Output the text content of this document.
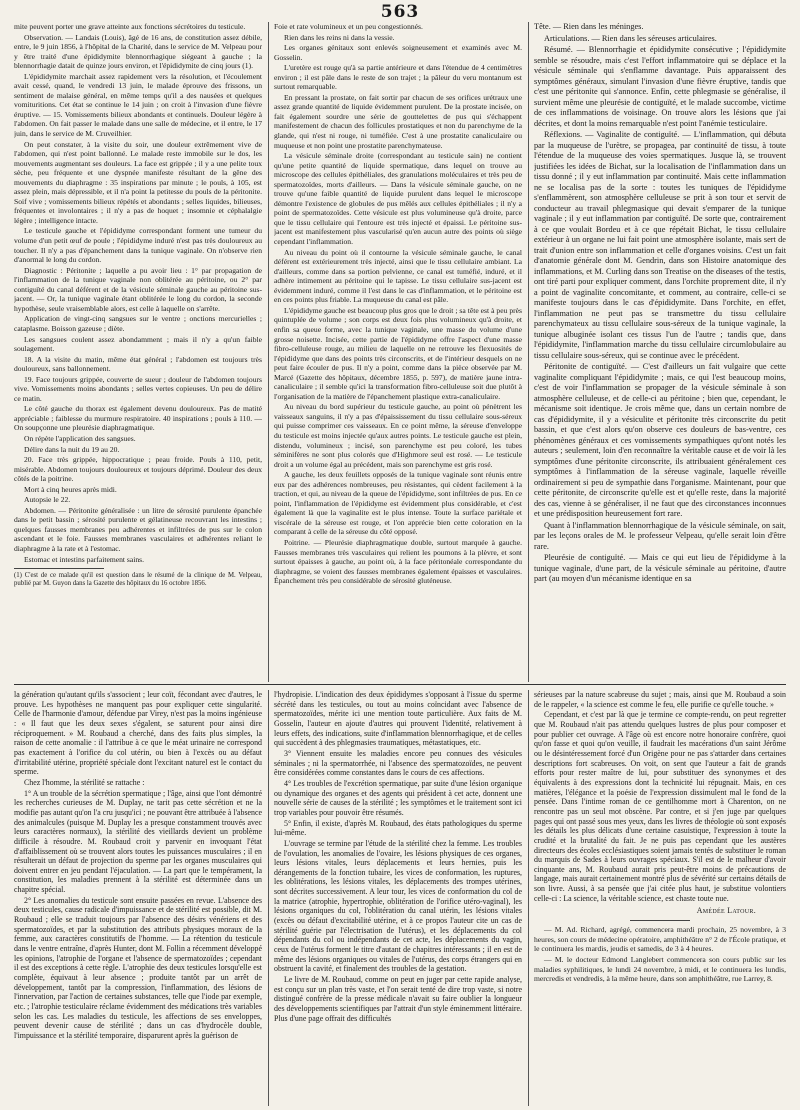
563

mite peuvent porter une grave atteinte aux fonctions sécrétoires du testicule.

Observation. — Landais (Louis), âgé de 16 ans, de constitution assez débile, entre, le 9 juin 1856, à l'hôpital de la Charité, dans le service de M. Velpeau pour y être traité d'une épididymite blennorrhagique siégeant à gauche ; la blennorrhagie datait de quinze jours environ, et l'épididymite de cinq jours (1).

L'épididymite marchait assez rapidement vers la résolution, et l'écoulement avait cessé, quand, le vendredi 13 juin, le malade éprouve des frissons, un sentiment de malaise général, en même temps qu'il a des nausées et quelques vomituritions. Cet état se continue le 14 juin ; on croit à l'invasion d'une fièvre éruptive. — 15. Vomissements bilieux abondants et continuels. Douleur légère à l'abdomen. On fait passer le malade dans une salle de médecine, et il entre, le 17 juin, dans le service de M. Cruveilhier.

On peut constater, à la visite du soir, une douleur extrêmement vive de l'abdomen, qui n'est point ballonné. Le malade reste immobile sur le dos, les mouvements augmentant ses douleurs. La face est grippée ; il y a une pelite toux sèche, peu fréquente et une dyspnée manifeste résultant de la gêne des mouvements du diaphragme : 35 inspirations par minute ; le pouls, à 105, est assez plein, mais dépressible, et il n'a point la petitesse du pouls de la péritonite. Soif vive ; vomissements bilieux répétés et abondants ; selles liquides, bilieuses, fréquentes et involontaires ; il n'y a pas de hoquet ; insomnie et céphalalgie légère ; intelligence intacte.

Le testicule gauche et l'épididyme correspondant forment une tumeur du volume d'un petit œuf de poule ; l'épididyme induré n'est pas très douloureux au toucher. Il n'y a pas d'épanchement dans la tunique vaginale. On n'observe rien d'anormal le long du cordon.

Diagnostic : Péritonite ; laquelle a pu avoir lieu : 1° par propagation de l'inflammation de la tunique vaginale non oblitérée au péritoine, ou 2° par contiguïté du canal déférent et de la vésicule séminale gauche au péritoine sus-jacent. — Or, la tunique vaginale étant oblitérée le long du cordon, la seconde hypothèse, seule vraisemblable alors, est celle à laquelle on s'arrête.

Application de vingt-cinq sangsues sur le ventre ; onctions mercurielles ; cataplasme. Boisson gazeuse ; diète.

Les sangsues coulent assez abondamment ; mais il n'y a qu'un faible soulagement.

18. A la visite du matin, même état général ; l'abdomen est toujours très douloureux, sans ballonnement.

19. Face toujours grippée, couverte de sueur ; douleur de l'abdomen toujours vive. Vomissements moins abondants ; selles vertes copieuses. Un peu de délire ce matin.

Le côté gauche du thorax est également devenu douloureux. Pas de matité appréciable ; faiblesse du murmure respiratoire. 40 inspirations ; pouls à 110. — On soupçonne une pleurésie diaphragmatique.

On répète l'application des sangsues.

Délire dans la nuit du 19 au 20.

20. Face très grippée, hippocratique ; peau froide. Pouls à 110, petit, misérable. Abdomen toujours douloureux et toujours déprimé. Douleur des deux côtés de la poitrine.

Mort à cinq heures après midi.

Autopsie le 22.

Abdomen. — Péritonite généralisée : un litre de sérosité purulente épanchée dans le petit bassin ; sérosité purulente et gélatineuse recouvrant les intestins ; quelques fausses membranes peu adhérentes et infiltrées de pus sur le colon ascendant et le foie. Fausses membranes vasculaires et adhérentes reliant le diaphragme à la rate et à l'estomac.

Estomac et intestins parfaitement sains.

(1) C'est de ce malade qu'il est question dans le résumé de la clinique de M. Velpeau, publié par M. Guyon dans la Gazette des hôpitaux du 16 octobre 1856.

Foie et rate volumineux et un peu congestionnés.

Rien dans les reins ni dans la vessie.

Les organes génitaux sont enlevés soigneusement et examinés avec M. Gosselin.

L'uretère est rouge qu'à sa partie antérieure et dans l'étendue de 4 centimètres environ ; il est pâle dans le reste de son trajet ; la pâleur du veru montanum est surtout remarquable.

En pressant la prostate, on fait sortir par chacun de ses orifices urétraux une assez grande quantité de liquide évidemment purulent. De la prostate incisée, on fait également sourdre une série de gouttelettes de pus qui s'échappent manifestement de chacun des follicules prostatiques et non du parenchyme de la glande, qui n'est ni rouge, ni tuméfiée. C'est à une prostatite canaliculaire ou muqueuse et non point une prostatite parenchymateuse.

La vésicule séminale droite (correspondant au testicule sain) ne contient qu'une petite quantité de liquide spermatique, dans lequel on trouve au microscope des cellules épithéliales, des granulations moléculaires et très peu de spermatozoïdes, morts d'ailleurs. — Dans la vésicule séminale gauche, on ne trouve qu'une faible quantité de liquide purulent dans lequel le microscope démontre l'existence de globules de pus mêlés aux cellules épithéliales ; il n'y a point de spermatozoïdes. Cette vésicule est plus volumineuse qu'à droite, parce que le tissu cellulaire qui l'entoure est très injecté et épaissi. Le péritoine sus-jacent est manifestement plus vascularisé qu'en aucun autre des points où siège cependant l'inflammation.

Au niveau du point où il contourne la vésicule séminale gauche, le canal déférent est extérieurement très injecté, ainsi que le tissu cellulaire ambiant. La d'ailleurs, comme dans sa portion pelvienne, ce canal est tuméfié, induré, et il adhère intimement au péritoine qui le tapisse. Le tissu cellulaire sus-jacent est évidemment induré, comme il l'est dans le cas d'inflammation, et le péritoine est en ces points plus friable. La muqueuse du canal est pâle.

L'épididyme gauche est beaucoup plus gros que le droit ; sa tête est à peu près quintuplée de volume ; son corps est deux fois plus volumineux qu'à droite, et enfin sa queue forme, avec la tunique vaginale, une masse du volume d'une grosse noisette. Incisée, cette partie de l'épididyme offre l'aspect d'une masse fibro-celluleuse rouge, au milieu de laquelle on ne retrouve les flexuosités de l'épididyme que dans des points très circonscrits, et de l'intérieur desquels on ne peut faire écouler de pus. Il n'y a point, comme dans la pièce observée par M. Marcé (Gazette des hôpitaux, décembre 1855, p. 597), de matière jaune intra-canaliculaire ; il semble qu'ici la transformation fibro-celluleuse soit due plutôt à l'organisation de la matière de l'épanchement plastique extra-canaliculaire.

Au niveau du bord supérieur du testicule gauche, au point où pénètrent les vaisseaux sanguins, il n'y a pas d'épaississement du tissu cellulaire sous-séreux qui puisse comprimer ces vaisseaux. En ce point même, la séreuse d'enveloppe du testicule est moins injectée qu'aux autres points. Le testicule gauche est plein, distendu, volumineux ; incisé, son parenchyme est peu coloré, les tubes séminifères ne sont plus colorés que d'Highmore seul est rosé. — Le testicule droit a un volume égal au précédent, mais son parenchyme est gris rosé.

A gauche, les deux feuillets opposés de la tunique vaginale sont réunis entre eux par des adhérences nombreuses, peu résistantes, qui cèdent facilement à la traction, et qui, au niveau de la queue de l'épididyme, sont infiltrées de pus. En ce point, l'inflammation de l'épididyme est évidemment plus considérable, et c'est également là que la vaginalite est le plus intense. Toute la surface pariétale et viscérale de la séreuse est rouge, et l'on apprécie bien cette coloration en la comparant à celle de la séreuse du côté opposé.

Poitrine. — Pleurésie diaphragmatique double, surtout marquée à gauche. Fausses membranes très vasculaires qui relient les poumons à la plèvre, et sont surtout épaisses à gauche, au point où, à la face péritonéale correspondante du diaphragme, se voient des fausses membranes également épaisses et vasculaires. Épanchement très peu considérable de sérosité gluténeuse.

Tête. — Rien dans les méninges.

Articulations. — Rien dans les séreuses articulaires.

Résumé. — Blennorrhagie et épididymite consécutive ; l'épididymite semble se résoudre, mais c'est l'effort inflammatoire qui se déplace et la vésicule séminale qui s'enflamme davantage. Puis apparaissent des symptômes généraux, simulant l'invasion d'une fièvre éruptive, tandis que c'est une péritonite qui s'annonce. Enfin, cette phlegmasie se généralise, il survient même une pleurésie de contiguïté, et le malade succombe, victime de ces inflammations de voisinage. On trouve alors les lésions que j'ai décrites, et dont la moins remarquable n'est point l'anémie testiculaire.

Réflexions. — Vaginalite de contiguïté. — L'inflammation, qui débuta par la muqueuse de l'urètre, se propagea, par continuité de tissu, à toute l'étendue de la muqueuse des voies spermatiques. Jusque là, se trouvent justifiées les idées de Bichat, sur la localisation de l'inflammation dans un tissu donné ; il y eut inflammation par continuité. Mais cette inflammation ne se localisa pas de la sorte : toutes les tuniques de l'épididyme s'enflammèrent, son atmosphère celluleuse se prit à son tour et servit de conducteur au travail phlegmasique qui devait s'emparer de la tunique vaginale ; il y eut inflammation par contiguïté. De sorte que, contrairement à ce que voulait Bordeu et à ce que répétait Bichat, le tissu cellulaire extérieur à un organe ne lui fait point une atmosphère isolante, mais sert de trait d'union entre son inflammation et celle d'organes voisins. C'est un fait d'anatomie générale dont M. Gendrin, dans son Histoire anatomique des inflammations, et M. Curling dans son Treatise on the diseases of the testis, ont tiré parti pour expliquer comment, dans l'orchite proprement dite, il n'y a point de vaginalite concomitante, et comment, au contraire, celle-ci se manifeste toujours dans le cas d'épididymite. Dans l'orchite, en effet, l'inflammation ne peut pas se transmettre du tissu cellulaire parenchymateux au tissu cellulaire sous-séreux de la tunique vaginale, la tunique albuginée isolant ces tissus l'un de l'autre ; tandis que, dans l'épididymite, l'inflammation marche du tissu cellulaire circumlobulaire au tissu cellulaire sous-séreux, qui se continue avec le précédent.

Péritonite de contiguïté. — C'est d'ailleurs un fait vulgaire que cette vaginalite compliquant l'épididymite ; mais, ce qui l'est beaucoup moins, c'est de voir l'inflammation se propager de la vésicule séminale à son atmosphère celluleuse, et de celle-ci au péritoine ; bien que, cependant, le mécanisme soit identique. Je crois même que, dans un certain nombre de cas d'épididymite, il y a vésiculite et péritonite très circonscrite du petit bassin, et que c'est alors qu'on observe ces douleurs de bas-ventre, ces phénomènes généraux et ces vomissements sympathiques qu'ont notés les auteurs ; seulement, loin d'en reconnaître la véritable cause et de voir là les symptômes d'une péritonite circonscrite, ils attribuaient généralement ces symptômes à l'inflammation de la séreuse vaginale, laquelle réveille ordinairement si peu de sympathie dans l'organisme. Maintenant, pour que cette péritonite, de circonscrite qu'elle est et qu'elle reste, dans la majorité des cas, vienne à se généraliser, il ne faut que des circonstances inconnues et une prédisposition heureusement fort rare.

Quant à l'inflammation blennorrhagique de la vésicule séminale, on sait, par les leçons orales de M. le professeur Velpeau, qu'elle serait loin d'être rare.

Pleurésie de contiguïté. — Mais ce qui eut lieu de l'épididyme à la tunique vaginale, d'une part, de la vésicule séminale au péritoine, d'autre part (au moyen d'un mécanisme identique en sa

la génération qu'autant qu'ils s'associent ; leur coït, fécondant avec d'autres, le prouve. Les hypothèses ne manquent pas pour expliquer cette singularité. Celle de l'harmonie d'amour, défendue par Virey, n'est pas la moins ingénieuse : « Il faut que les deux sexes s'égalent, se saturent pour ainsi dire réciproquement. » M. Roubaud a cherché, dans des faits plus simples, la raison de cette anomalie : il l'attribue à ce que le méat urinaire ne correspond pas exactement à l'orifice du col utérin, ou bien à l'excès ou au défaut d'irritabilité utérine, propriété spéciale dont l'excitant naturel est le contact du sperme.

Chez l'homme, la stérilité se rattache :

1° A un trouble de la sécrétion spermatique ; l'âge, ainsi que l'ont démontré les recherches curieuses de M. Duplay, ne tarit pas cette sécrétion et ne la modifie pas autant qu'on l'a cru jusqu'ici ; ne pouvant être attribuée à l'absence des animalcules (puisque M. Duplay les a presque constamment trouvés avec leurs caractères normaux), la stérilité des vieillards devient un problème difficile à résoudre. M. Roubaud croit y parvenir en invoquant l'état d'affaiblissement où se trouvent alors toutes les puissances musculaires ; il en résulterait un défaut de projection du sperme par les organes musculaires qui doivent entrer en jeu pendant l'éjaculation. — La part que le tempérament, la constitution, les maladies prennent à la stérilité est déterminée dans un chapitre spécial.

2° Les anomalies du testicule sont ensuite passées en revue. L'absence des deux testicules, cause radicale d'impuissance et de stérilité est possible, dit M. Roubaud ; elle se traduit toujours par l'absence des désirs vénériens et des spermatozoïdes, et par la substitution des attributs physiques moraux de la femme, aux caractères constitutifs de l'homme. — La rétention du testicule dans le ventre entraîne, d'après Hunter, dont M. Follin a récemment développé les opinions, l'atrophie de l'organe et l'absence de spermatozoïdes ; cependant il est des exceptions à cette règle. L'atrophie des deux testicules lorsqu'elle est complète, équivaut à leur absence ; produite tantôt par un arrêt de développement, tantôt par la compression, l'inflammation, des lésions de l'innervation, par l'action de certaines substances, telle que l'iode par exemple, etc. ; l'atrophie testiculaire réclame évidemment des médications très variables selon les cas. Les maladies du testicule, les affections de ses enveloppes, peuvent devenir cause de stérilité ; dans un cas d'hydrocèle double, l'impuissance et la stérilité temporaire, disparurent après la guérison de

l'hydropisie. L'indication des deux épididymes s'opposant à l'issue du sperme sécrété dans les testicules, ou tout au moins coïncidant avec l'absence de spermatozoïdes, mérite ici une mention toute particulière. Aux faits de M. Gosselin, l'auteur en ajoute d'autres qui prouvent l'identité, relativement à leurs effets, des indications, suite d'inflammation blennorrhagique, et de celles qui succèdent à des phlegmasies traumatiques, métastatiques, etc.

3° Viennent ensuite les maladies encore peu connues des vésicules séminales ; ni la spermatorrhée, ni l'absence des spermatozoïdes, ne peuvent être considérées comme constantes dans le cours de ces affections.

4° Les troubles de l'excrétion spermatique, par suite d'une lésion organique ou dynamique des organes et des agents qui président à cet acte, donnent une nouvelle série de causes de la stérilité ; les symptômes et le traitement sont ici trop variables pour pouvoir être résumés.

5° Enfin, il existe, d'après M. Roubaud, des états pathologiques du sperme lui-même.

L'ouvrage se termine par l'étude de la stérilité chez la femme. Les troubles de l'ovulation, les anomalies de l'ovaire, les lésions physiques de ces organes, leurs lésions vitales, leurs déplacements et leurs hernies, puis les dérangements de la fonction tubaire, les vices de conformation, les ruptures, les oblitérations, les lésions vitales, les déplacements des trompes utérines, sont décrites successivement. A leur tour, les vices de conformation du col de la matrice (atrophie, hypertrophie, oblitération de l'orifice utéro-vaginal), les lésions organiques du col, l'oblitération du canal utérin, les lésions vitales (excès ou défaut d'excitabilité utérine, et à ce propos l'auteur cite un cas de stérilité guérie par l'électrisation de l'utérus), et les déplacements du col dépendants du col ou indépendants de cet acte, les déplacements du vagin, ceux de l'utérus forment le titre d'autant de chapitres intéressants ; il en est de même des lésions organiques ou vitales de l'utérus, des corps étrangers qui en obstruent la cavité, et finalement des troubles de la gestation.

Le livre de M. Roubaud, comme on peut en juger par cette rapide analyse, est conçu sur un plan très vaste, et l'on serait tenté de dire trop vaste, si notre distingué confrère de la presse médicale n'avait su faire oublier la longueur des développements scientifiques par l'attrait d'un style éminemment littéraire. Plus d'une page offrait des difficultés

sérieuses par la nature scabreuse du sujet ; mais, ainsi que M. Roubaud a soin de le rappeler, « la science est comme le feu, elle purifie ce qu'elle touche. »

Cependant, et c'est par là que je termine ce compte-rendu, on peut regretter que M. Roubaud n'ait pas attendu quelques lustres de plus pour composer et pour publier cet ouvrage. A l'âge où est encore notre honoraire confrère, quoi qu'on fasse et quoi qu'on veuille, il faudrait les macérations d'un saint Jérôme ou le désintéressement forcé d'un Origène pour ne pas s'attarder dans certaines descriptions fort scabreuses. On voit, on sent que l'auteur a fait de grands efforts pour rester maître de lui, pour substituer des synonymes et des équivalents à des expressions dont la technicité lui répugnait. Mais, en ces matières, l'élégance et la poésie de l'expression dissimulent mal le fond de la pensée. Dans l'intime roman de ce gentilhomme mort à Charenton, on ne rencontre pas un seul mot obscène. Par contre, et si j'en juge par quelques pages qui ont passé sous mes yeux, dans les livres de théologie où sont exposés les détails les plus délicats d'une certaine casuistique, l'expression à toute la crudité et la brutalité du fait. Je ne puis pas cependant que les austères directeurs des écoles ecclésiastiques soient jamais tentés de substituer le roman du marquis de Sades à leurs ouvrages spéciaux. S'il est de le malheur d'avoir cinquante ans, M. Roubaud aurait pris peut-être moins de précautions de langage, mais aurait certainement montré plus de sévérité sur certains détails de son livre. Aussi, à sa pensée que j'ai citée plus haut, je substitue volontiers celle-ci : La science, la véritable science, est chaste toute nue.

Amédée Latour.

— M. Ad. Richard, agrégé, commencera mardi prochain, 25 novembre, à 3 heures, son cours de médecine opératoire, amphithéâtre n° 2 de l'École pratique, et le continuera les mardis, jeudis et samedis, de 3 à 4 heures.

— M. le docteur Edmond Langlebert commencera son cours public sur les maladies syphilitiques, le lundi 24 novembre, à midi, et le continuera les lundis, mercredis et vendredis, à la même heure, dans son amphithéâtre, rue Larrey, 8.
